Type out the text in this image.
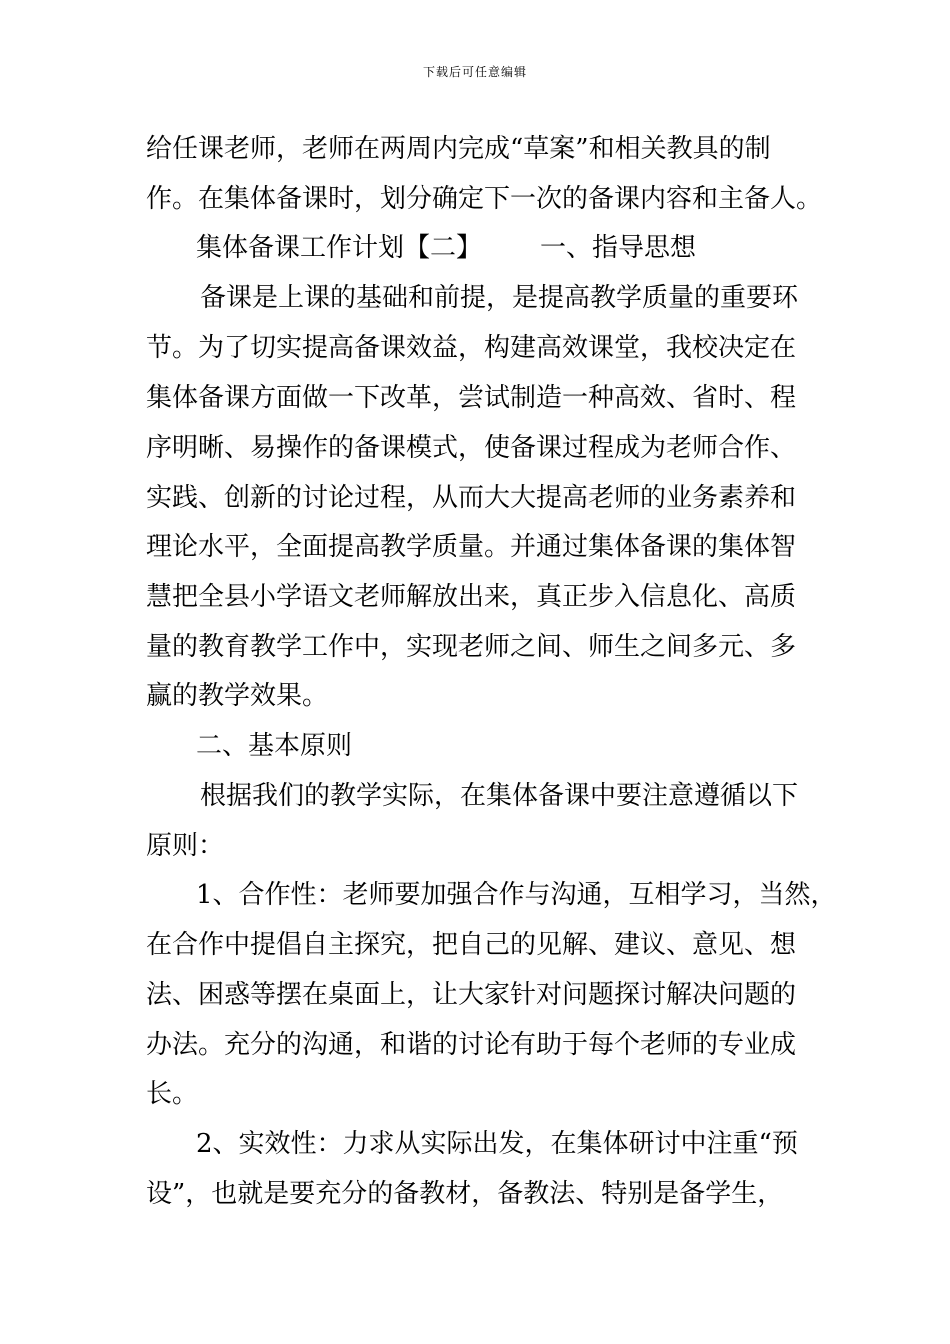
下载后可任意编辑
给任课老师，老师在两周内完成“草案”和相关教具的制
作。在集体备课时，划分确定下一次的备课内容和主备人。
集体备课工作计划【二】 一、指导思想
备课是上课的基础和前提，是提高教学质量的重要环
节。为了切实提高备课效益，构建高效课堂，我校决定在
集体备课方面做一下改革，尝试制造一种高效、省时、程
序明晰、易操作的备课模式，使备课过程成为老师合作、
实践、创新的讨论过程，从而大大提高老师的业务素养和
理论水平，全面提高教学质量。并通过集体备课的集体智
慧把全县小学语文老师解放出来，真正步入信息化、高质
量的教育教学工作中，实现老师之间、师生之间多元、多
赢的教学效果。
二、基本原则
根据我们的教学实际，在集体备课中要注意遵循以下
原则：
1、合作性：老师要加强合作与沟通，互相学习，当然，
在合作中提倡自主探究，把自己的见解、建议、意见、想
法、困惑等摆在桌面上，让大家针对问题探讨解决问题的
办法。充分的沟通，和谐的讨论有助于每个老师的专业成
长。
2、实效性：力求从实际出发，在集体研讨中注重“预
设”，也就是要充分的备教材，备教法、特别是备学生，
